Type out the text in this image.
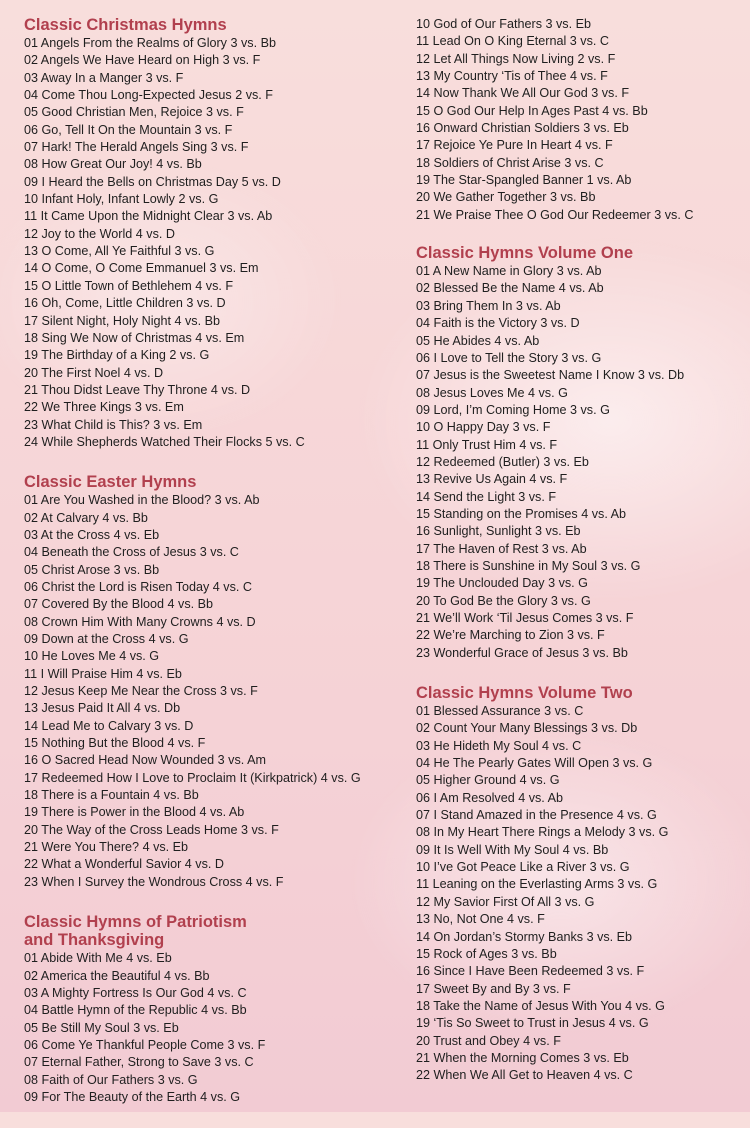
Classic Christmas Hymns
01 Angels From the Realms of Glory 3 vs. Bb
02 Angels We Have Heard on High 3 vs. F
03 Away In a Manger 3 vs. F
04 Come Thou Long-Expected Jesus 2 vs. F
05 Good Christian Men, Rejoice 3 vs. F
06 Go, Tell It On the Mountain 3 vs. F
07 Hark! The Herald Angels Sing 3 vs. F
08 How Great Our Joy! 4 vs. Bb
09 I Heard the Bells on Christmas Day 5 vs. D
10 Infant Holy, Infant Lowly 2 vs. G
11 It Came Upon the Midnight Clear 3 vs. Ab
12 Joy to the World 4 vs. D
13 O Come, All Ye Faithful 3 vs. G
14 O Come, O Come Emmanuel 3 vs. Em
15 O Little Town of Bethlehem 4 vs. F
16 Oh, Come, Little Children 3 vs. D
17 Silent Night, Holy Night 4 vs. Bb
18 Sing We Now of Christmas 4 vs. Em
19 The Birthday of a King 2 vs. G
20 The First Noel 4 vs. D
21 Thou Didst Leave Thy Throne 4 vs. D
22 We Three Kings 3 vs. Em
23 What Child is This? 3 vs. Em
24 While Shepherds Watched Their Flocks 5 vs. C
Classic Easter Hymns
01 Are You Washed in the Blood? 3 vs. Ab
02 At Calvary 4 vs. Bb
03 At the Cross 4 vs. Eb
04 Beneath the Cross of Jesus 3 vs. C
05 Christ Arose 3 vs. Bb
06 Christ the Lord is Risen Today 4 vs. C
07 Covered By the Blood 4 vs. Bb
08 Crown Him With Many Crowns 4 vs. D
09 Down at the Cross 4 vs. G
10 He Loves Me 4 vs. G
11 I Will Praise Him 4 vs. Eb
12 Jesus Keep Me Near the Cross 3 vs. F
13 Jesus Paid It All 4 vs. Db
14 Lead Me to Calvary 3 vs. D
15 Nothing But the Blood 4 vs. F
16 O Sacred Head Now Wounded 3 vs. Am
17 Redeemed How I Love to Proclaim It (Kirkpatrick) 4 vs. G
18 There is a Fountain 4 vs. Bb
19 There is Power in the Blood 4 vs. Ab
20 The Way of the Cross Leads Home 3 vs. F
21 Were You There? 4 vs. Eb
22 What a Wonderful Savior 4 vs. D
23 When I Survey the Wondrous Cross 4 vs. F
Classic Hymns of Patriotism
and Thanksgiving
01 Abide With Me 4 vs. Eb
02 America the Beautiful 4 vs. Bb
03 A Mighty Fortress Is Our God 4 vs. C
04 Battle Hymn of the Republic 4 vs. Bb
05 Be Still My Soul 3 vs. Eb
06 Come Ye Thankful People Come 3 vs. F
07 Eternal Father, Strong to Save 3 vs. C
08 Faith of Our Fathers 3 vs. G
09 For The Beauty of the Earth 4 vs. G
10 God of Our Fathers 3 vs. Eb
11 Lead On O King Eternal 3 vs. C
12 Let All Things Now Living 2 vs. F
13 My Country ‘Tis of Thee 4 vs. F
14 Now Thank We All Our God 3 vs. F
15 O God Our Help In Ages Past 4 vs. Bb
16 Onward Christian Soldiers 3 vs. Eb
17 Rejoice Ye Pure In Heart 4 vs. F
18 Soldiers of Christ Arise 3 vs. C
19 The Star-Spangled Banner 1 vs. Ab
20 We Gather Together 3 vs. Bb
21 We Praise Thee O God Our Redeemer 3 vs. C
Classic Hymns Volume One
01 A New Name in Glory 3 vs. Ab
02 Blessed Be the Name 4 vs. Ab
03 Bring Them In 3 vs. Ab
04 Faith is the Victory 3 vs. D
05 He Abides 4 vs. Ab
06 I Love to Tell the Story 3 vs. G
07 Jesus is the Sweetest Name I Know 3 vs. Db
08 Jesus Loves Me 4 vs. G
09 Lord, I’m Coming Home 3 vs. G
10 O Happy Day 3 vs. F
11 Only Trust Him 4 vs. F
12 Redeemed (Butler) 3 vs. Eb
13 Revive Us Again 4 vs. F
14 Send the Light 3 vs. F
15 Standing on the Promises 4 vs. Ab
16 Sunlight, Sunlight 3 vs. Eb
17 The Haven of Rest 3 vs. Ab
18 There is Sunshine in My Soul 3 vs. G
19 The Unclouded Day 3 vs. G
20 To God Be the Glory 3 vs. G
21 We’ll Work ‘Til Jesus Comes 3 vs. F
22 We’re Marching to Zion 3 vs. F
23 Wonderful Grace of Jesus 3 vs. Bb
Classic Hymns Volume Two
01 Blessed Assurance 3 vs. C
02 Count Your Many Blessings 3 vs. Db
03 He Hideth My Soul 4 vs. C
04 He The Pearly Gates Will Open 3 vs. G
05 Higher Ground 4 vs. G
06 I Am Resolved 4 vs. Ab
07 I Stand Amazed in the Presence 4 vs. G
08 In My Heart There Rings a Melody 3 vs. G
09 It Is Well With My Soul 4 vs. Bb
10 I’ve Got Peace Like a River 3 vs. G
11 Leaning on the Everlasting Arms 3 vs. G
12 My Savior First Of All 3 vs. G
13 No, Not One 4 vs. F
14 On Jordan’s Stormy Banks 3 vs. Eb
15 Rock of Ages 3 vs. Bb
16 Since I Have Been Redeemed 3 vs. F
17 Sweet By and By 3 vs. F
18 Take the Name of Jesus With You 4 vs. G
19 ‘Tis So Sweet to Trust in Jesus 4 vs. G
20 Trust and Obey 4 vs. F
21 When the Morning Comes 3 vs. Eb
22 When We All Get to Heaven 4 vs. C
